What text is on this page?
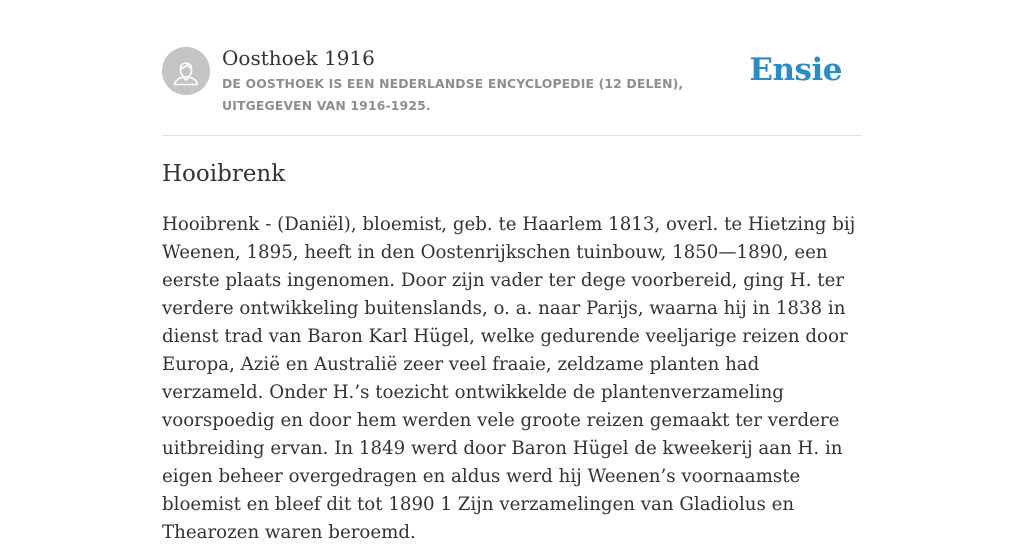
Oosthoek 1916
DE OOSTHOEK IS EEN NEDERLANDSE ENCYCLOPEDIE (12 DELEN), UITGEGEVEN VAN 1916-1925.
Ensie
Hooibrenk

Hooibrenk - (Daniël), bloemist, geb. te Haarlem 1813, overl. te Hietzing bij Weenen, 1895, heeft in den Oostenrijkschen tuinbouw, 1850—1890, een eerste plaats ingenomen. Door zijn vader ter dege voorbereid, ging H. ter verdere ontwikkeling buitenslands, o. a. naar Parijs, waarna hij in 1838 in dienst trad van Baron Karl Hügel, welke gedurende veeljarige reizen door Europa, Azië en Australië zeer veel fraaie, zeldzame planten had verzameld. Onder H.’s toezicht ontwikkelde de plantenverzameling voorspoedig en door hem werden vele groote reizen gemaakt ter verdere uitbreiding ervan. In 1849 werd door Baron Hügel de kweekerij aan H. in eigen beheer overgedragen en aldus werd hij Weenen’s voornaamste bloemist en bleef dit tot 1890 1 Zijn verzamelingen van Gladiolus en Thearozen waren beroemd.
